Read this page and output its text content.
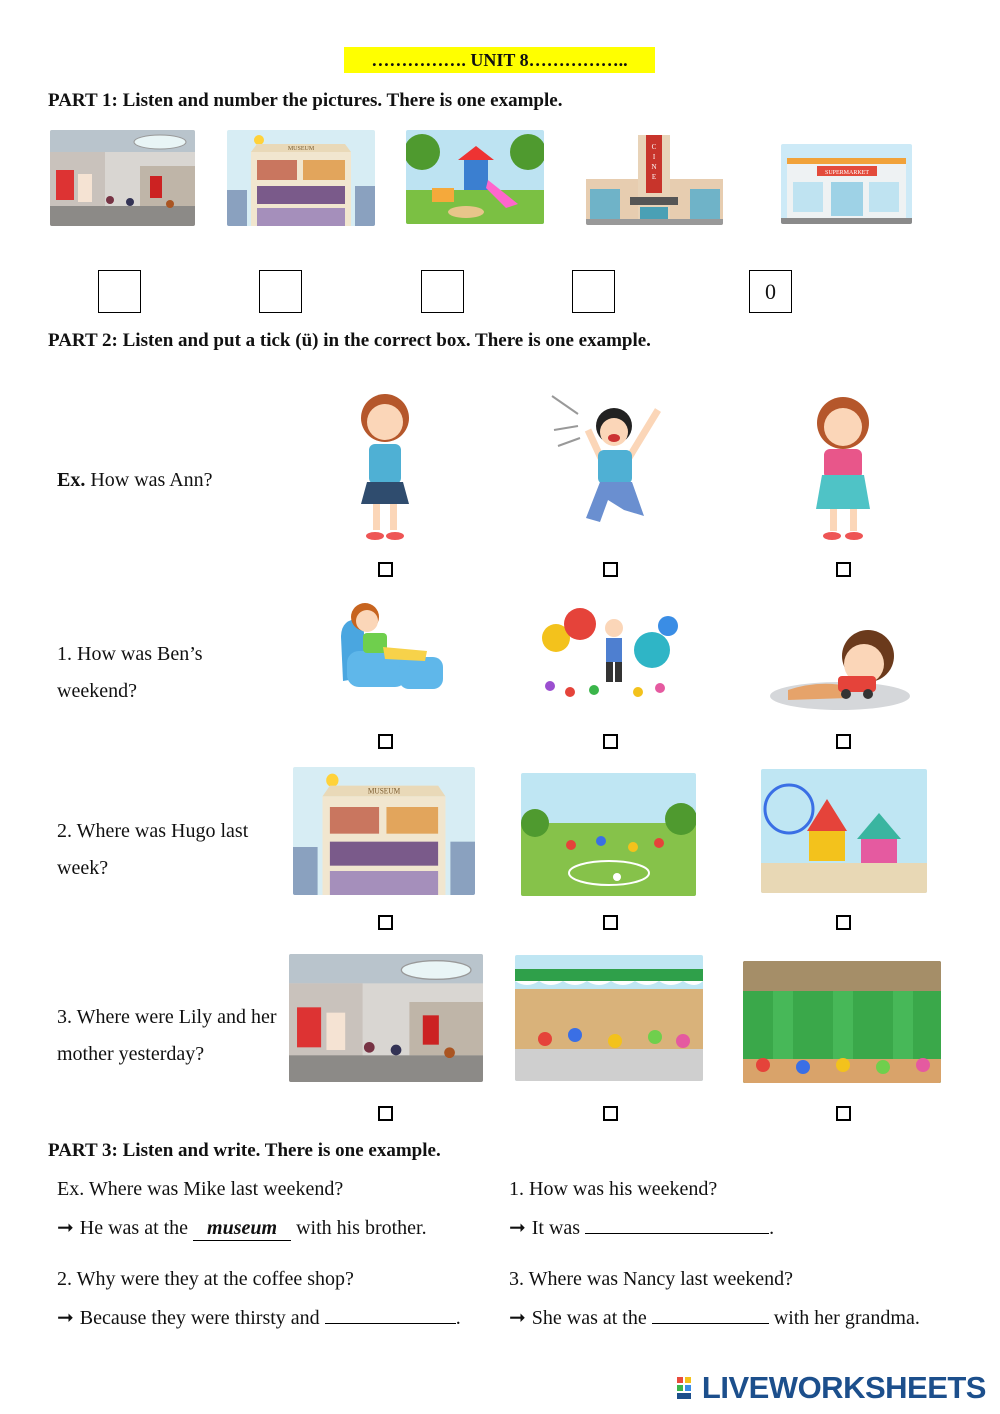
……………. UNIT 8……………..
PART 1: Listen and number the pictures. There is one example.
MUSEUM	C
I
N
E	SUPERMARKET
0
PART 2: Listen and put a tick (ü) in the correct box. There is one example.
Ex. How was Ann?
1. How was Ben’s weekend?
2. Where was Hugo last week?
MUSEUM
3. Where were Lily and her mother yesterday?
PART 3: Listen and write. There is one example.
Ex. Where was Mike last weekend?
➞ He was at the museum with his brother.
1. How was his weekend?
➞ It was	.
2. Why were they at the coffee shop?
➞ Because they were thirsty and	.
3. Where was Nancy last weekend?
➞ She was at the	with her grandma.
LIVEWORKSHEETS
